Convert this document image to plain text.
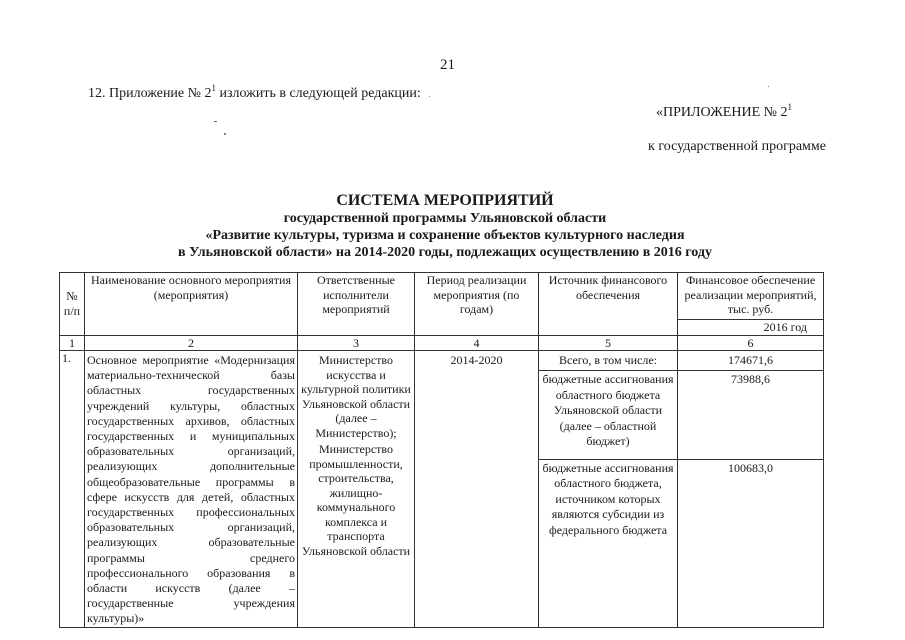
21
12. Приложение № $2^1$ изложить в следующей редакции:
«ПРИЛОЖЕНИЕ № $2^1$
к государственной программе
СИСТЕМА МЕРОПРИЯТИЙ
государственной программы Ульяновской области
«Развитие культуры, туризма и сохранение объектов культурного наследия
в Ульяновской области» на 2014-2020 годы, подлежащих осуществлению в 2016 году
№ п/п	Наименование основного мероприятия (мероприятия)	Ответственные исполнители мероприятий	Период реализации мероприятия (по годам)	Источник финансового обеспечения	Финансовое обеспечение реализации мероприятий, тыс. руб.
					2016 год
1	2	3	4	5	6
1.	Основное мероприятие «Модернизация материально-технической базы областных государственных учреждений культуры, областных государственных архивов, областных государственных и муниципальных образовательных организаций, реализующих дополнительные общеобразовательные программы в сфере искусств для детей, областных государственных профессиональных образовательных организаций, реализующих образовательные программы среднего профессионального образования в области искусств (далее – государственные учреждения культуры)»	Министерство искусства и культурной политики Ульяновской области (далее – Министерство);
Министерство промышленности, строительства, жилищно-коммунального комплекса и транспорта Ульяновской области	2014-2020	Всего, в том числе:	174671,6
				бюджетные ассигнования областного бюджета Ульяновской области (далее – областной бюджет)	73988,6
				бюджетные ассигнования областного бюджета, источником которых являются субсидии из федерального бюджета	100683,0
